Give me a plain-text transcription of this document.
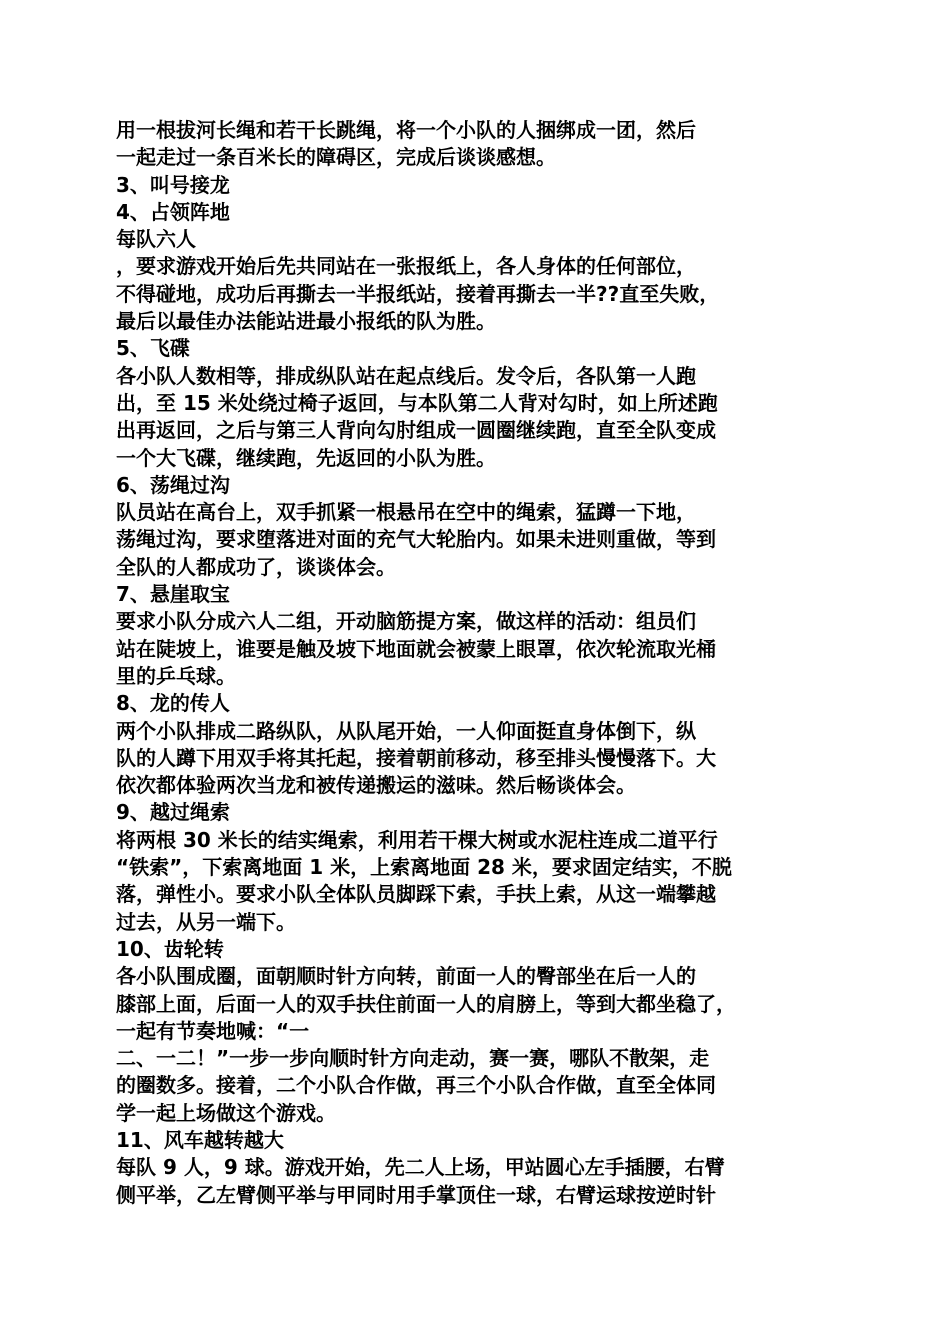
用一根拔河长绳和若干长跳绳，将一个小队的人捆绑成一团，然后
一起走过一条百米长的障碍区，完成后谈谈感想。
3、叫号接龙
4、占领阵地
每队六人
，要求游戏开始后先共同站在一张报纸上，各人身体的任何部位，
不得碰地，成功后再撕去一半报纸站，接着再撕去一半??直至失败，
最后以最佳办法能站进最小报纸的队为胜。
5、飞碟
各小队人数相等，排成纵队站在起点线后。发令后，各队第一人跑
出，至 15 米处绕过椅子返回，与本队第二人背对勾时，如上所述跑
出再返回，之后与第三人背向勾肘组成一圆圈继续跑，直至全队变成
一个大飞碟，继续跑，先返回的小队为胜。
6、荡绳过沟
队员站在高台上，双手抓紧一根悬吊在空中的绳索，猛蹲一下地，
荡绳过沟，要求堕落进对面的充气大轮胎内。如果未进则重做，等到
全队的人都成功了，谈谈体会。
7、悬崖取宝
要求小队分成六人二组，开动脑筋提方案，做这样的活动：组员们
站在陡坡上，谁要是触及坡下地面就会被蒙上眼罩，依次轮流取光桶
里的乒乓球。
8、龙的传人
两个小队排成二路纵队，从队尾开始，一人仰面挺直身体倒下，纵
队的人蹲下用双手将其托起，接着朝前移动，移至排头慢慢落下。大
依次都体验两次当龙和被传递搬运的滋味。然后畅谈体会。
9、越过绳索
将两根 30 米长的结实绳索，利用若干棵大树或水泥柱连成二道平行
“铁索”，下索离地面 1 米，上索离地面 28 米，要求固定结实，不脱
落，弹性小。要求小队全体队员脚踩下索，手扶上索，从这一端攀越
过去，从另一端下。
10、齿轮转
各小队围成圈，面朝顺时针方向转，前面一人的臀部坐在后一人的
膝部上面，后面一人的双手扶住前面一人的肩膀上，等到大都坐稳了，
一起有节奏地喊：“一
二、一二！”一步一步向顺时针方向走动，赛一赛，哪队不散架，走
的圈数多。接着，二个小队合作做，再三个小队合作做，直至全体同
学一起上场做这个游戏。
11、风车越转越大
每队 9 人，9 球。游戏开始，先二人上场，甲站圆心左手插腰，右臂
侧平举，乙左臂侧平举与甲同时用手掌顶住一球，右臂运球按逆时针
